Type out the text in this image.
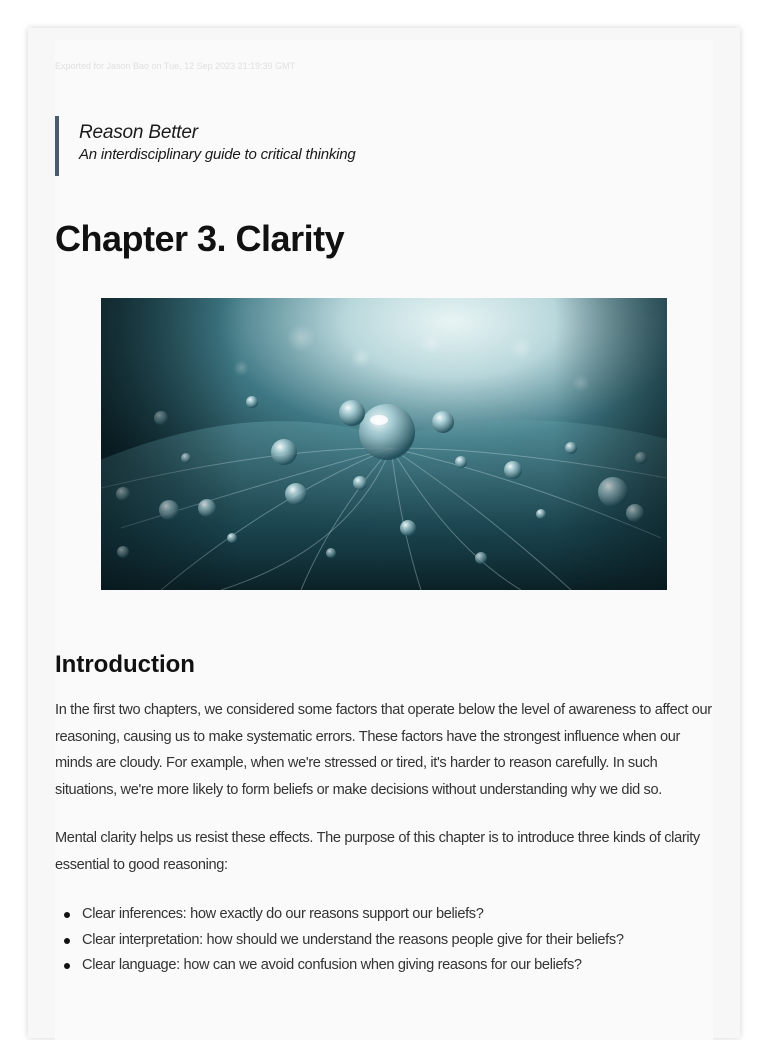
Exported for Jason Bao on Tue, 12 Sep 2023 21:19:39 GMT
Reason Better
An interdisciplinary guide to critical thinking
Chapter 3. Clarity
Introduction

In the first two chapters, we considered some factors that operate below the level of awareness to affect our reasoning, causing us to make systematic errors. These factors have the strongest influence when our minds are cloudy. For example, when we're stressed or tired, it's harder to reason carefully. In such situations, we're more likely to form beliefs or make decisions without understanding why we did so.

Mental clarity helps us resist these effects. The purpose of this chapter is to introduce three kinds of clarity essential to good reasoning:

Clear inferences: how exactly do our reasons support our beliefs?
Clear interpretation: how should we understand the reasons people give for their beliefs?
Clear language: how can we avoid confusion when giving reasons for our beliefs?
